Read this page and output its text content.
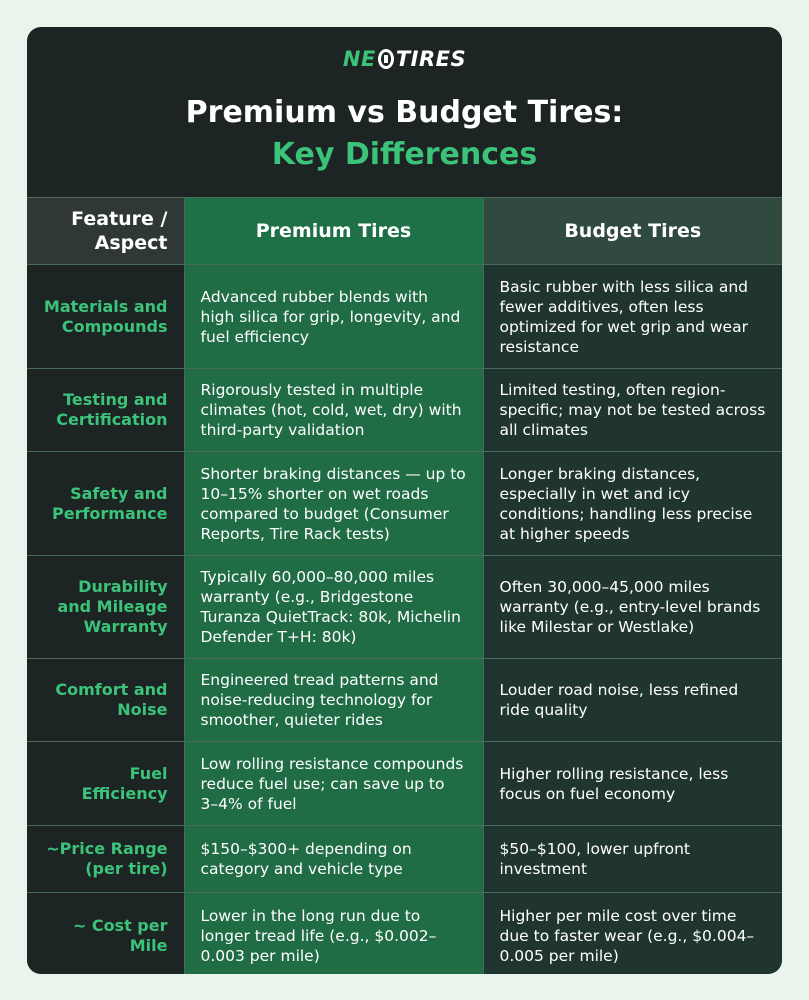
NE TIRES
Premium vs Budget Tires:
Key Differences
Feature / Aspect	Premium Tires	Budget Tires
Materials and Compounds	Advanced rubber blends with high silica for grip, longevity, and fuel efficiency	Basic rubber with less silica and fewer additives, often less optimized for wet grip and wear resistance
Testing and Certification	Rigorously tested in multiple climates (hot, cold, wet, dry) with third-party validation	Limited testing, often region-specific; may not be tested across all climates
Safety and Performance	Shorter braking distances — up to 10–15% shorter on wet roads compared to budget (Consumer Reports, Tire Rack tests)	Longer braking distances, especially in wet and icy conditions; handling less precise at higher speeds
Durability and Mileage Warranty	Typically 60,000–80,000 miles warranty (e.g., Bridgestone Turanza QuietTrack: 80k, Michelin Defender T+H: 80k)	Often 30,000–45,000 miles warranty (e.g., entry-level brands like Milestar or Westlake)
Comfort and Noise	Engineered tread patterns and noise-reducing technology for smoother, quieter rides	Louder road noise, less refined ride quality
Fuel Efficiency	Low rolling resistance compounds reduce fuel use; can save up to 3–4% of fuel	Higher rolling resistance, less focus on fuel economy
~Price Range (per tire)	$150–$300+ depending on category and vehicle type	$50–$100, lower upfront investment
~ Cost per Mile	Lower in the long run due to longer tread life (e.g., $0.002–0.003 per mile)	Higher per mile cost over time due to faster wear (e.g., $0.004–0.005 per mile)
